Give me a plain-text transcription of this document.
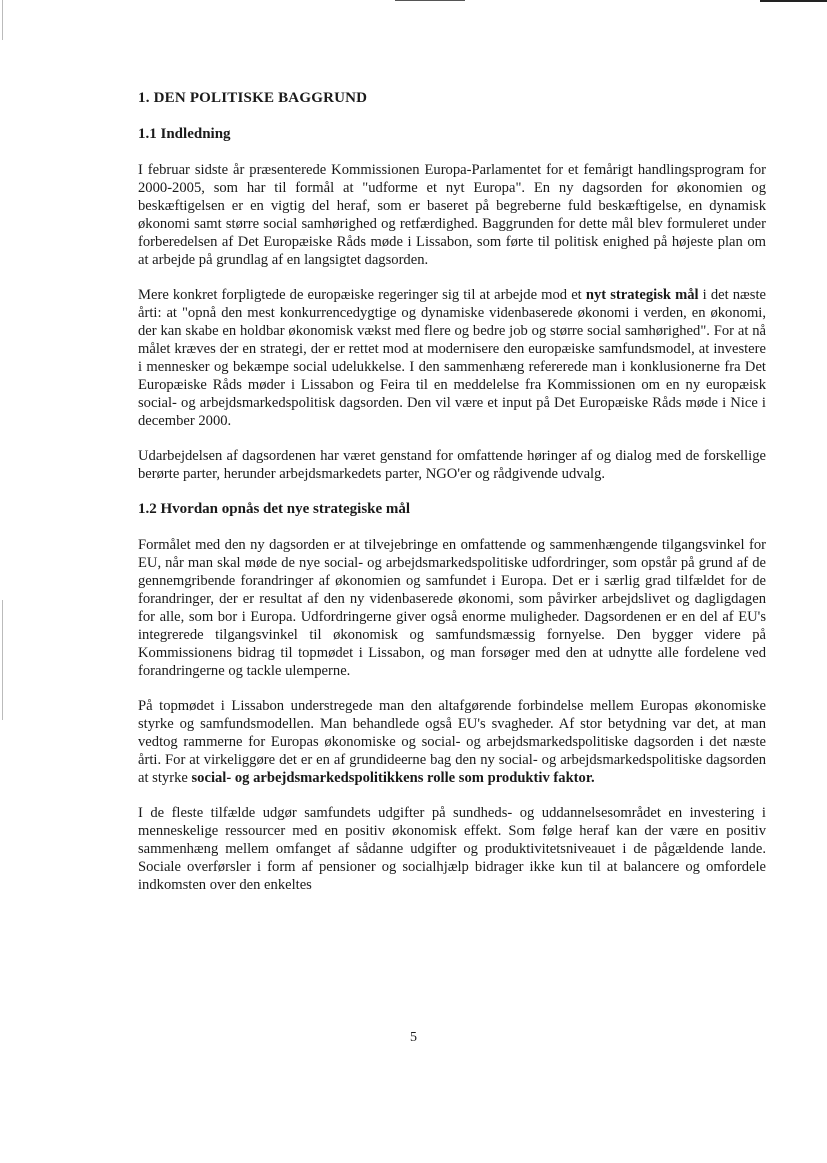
1. DEN POLITISKE BAGGRUND
1.1 Indledning

I februar sidste år præsenterede Kommissionen Europa-Parlamentet for et femårigt handlingsprogram for 2000-2005, som har til formål at "udforme et nyt Europa". En ny dagsorden for økonomien og beskæftigelsen er en vigtig del heraf, som er baseret på begreberne fuld beskæftigelse, en dynamisk økonomi samt større social samhørighed og retfærdighed. Baggrunden for dette mål blev formuleret under forberedelsen af Det Europæiske Råds møde i Lissabon, som førte til politisk enighed på højeste plan om at arbejde på grundlag af en langsigtet dagsorden.

Mere konkret forpligtede de europæiske regeringer sig til at arbejde mod et nyt strategisk mål i det næste årti: at "opnå den mest konkurrencedygtige og dynamiske videnbaserede økonomi i verden, en økonomi, der kan skabe en holdbar økonomisk vækst med flere og bedre job og større social samhørighed". For at nå målet kræves der en strategi, der er rettet mod at modernisere den europæiske samfundsmodel, at investere i mennesker og bekæmpe social udelukkelse. I den sammenhæng refererede man i konklusionerne fra Det Europæiske Råds møder i Lissabon og Feira til en meddelelse fra Kommissionen om en ny europæisk social- og arbejdsmarkedspolitisk dagsorden. Den vil være et input på Det Europæiske Råds møde i Nice i december 2000.

Udarbejdelsen af dagsordenen har været genstand for omfattende høringer af og dialog med de forskellige berørte parter, herunder arbejdsmarkedets parter, NGO'er og rådgivende udvalg.

1.2 Hvordan opnås det nye strategiske mål

Formålet med den ny dagsorden er at tilvejebringe en omfattende og sammenhængende tilgangsvinkel for EU, når man skal møde de nye social- og arbejdsmarkedspolitiske udfordringer, som opstår på grund af de gennemgribende forandringer af økonomien og samfundet i Europa. Det er i særlig grad tilfældet for de forandringer, der er resultat af den ny videnbaserede økonomi, som påvirker arbejdslivet og dagligdagen for alle, som bor i Europa. Udfordringerne giver også enorme muligheder. Dagsordenen er en del af EU's integrerede tilgangsvinkel til økonomisk og samfundsmæssig fornyelse. Den bygger videre på Kommissionens bidrag til topmødet i Lissabon, og man forsøger med den at udnytte alle fordelene ved forandringerne og tackle ulemperne.

På topmødet i Lissabon understregede man den altafgørende forbindelse mellem Europas økonomiske styrke og samfundsmodellen. Man behandlede også EU's svagheder. Af stor betydning var det, at man vedtog rammerne for Europas økonomiske og social- og arbejdsmarkedspolitiske dagsorden i det næste årti. For at virkeliggøre det er en af grundideerne bag den ny social- og arbejdsmarkedspolitiske dagsorden at styrke social- og arbejdsmarkedspolitikkens rolle som produktiv faktor.

I de fleste tilfælde udgør samfundets udgifter på sundheds- og uddannelsesområdet en investering i menneskelige ressourcer med en positiv økonomisk effekt. Som følge heraf kan der være en positiv sammenhæng mellem omfanget af sådanne udgifter og produktivitetsniveauet i de pågældende lande. Sociale overførsler i form af pensioner og socialhjælp bidrager ikke kun til at balancere og omfordele indkomsten over den enkeltes

5
